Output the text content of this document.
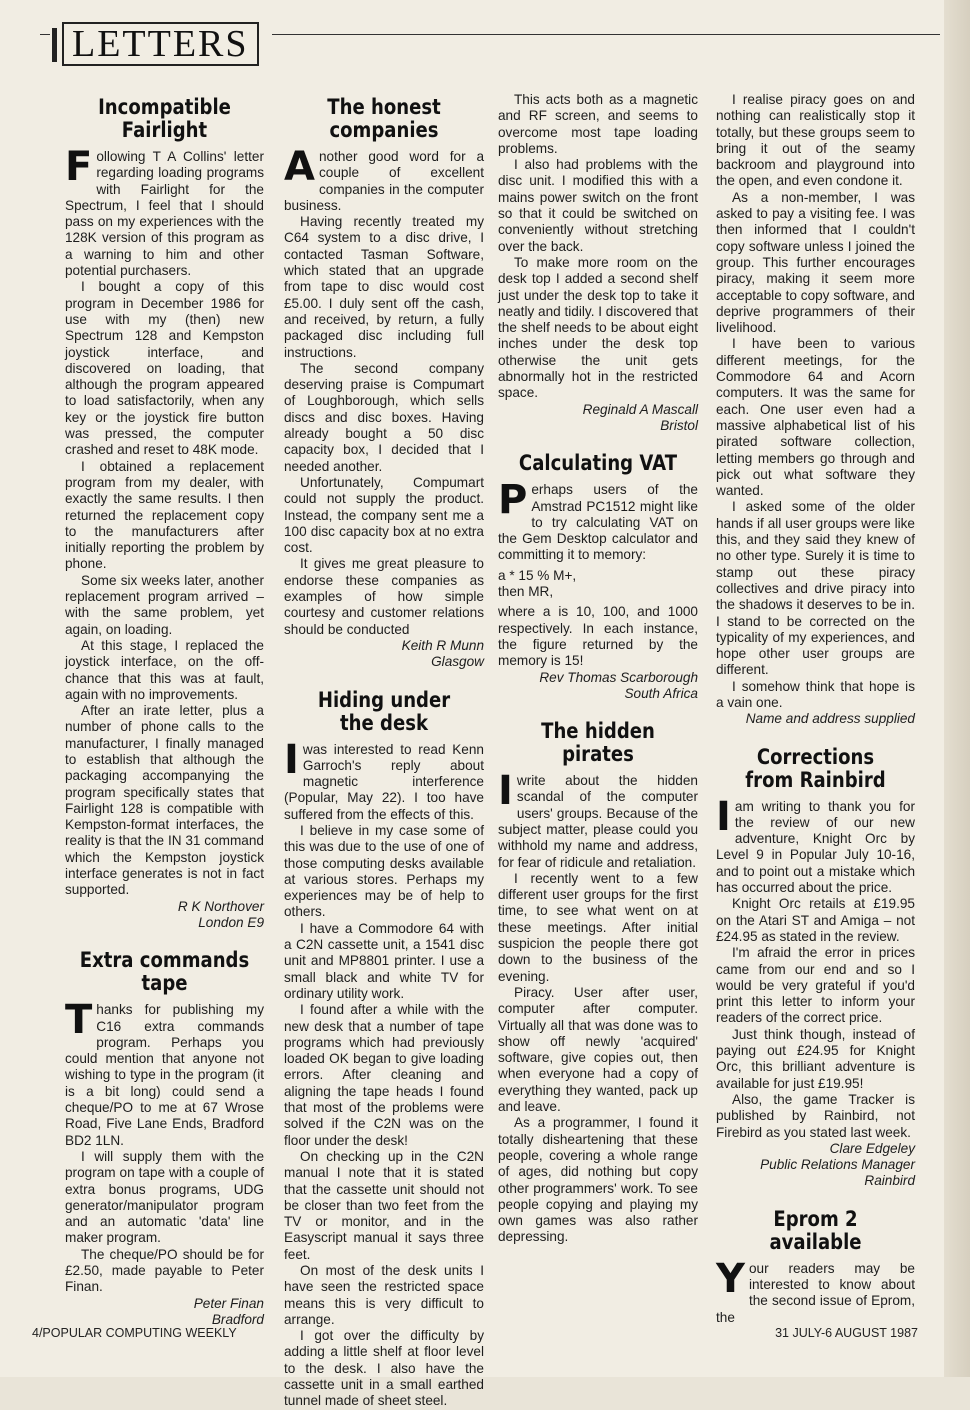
LETTERS
Incompatible Fairlight

Following T A Collins' letter regarding loading programs with Fairlight for the Spectrum, I feel that I should pass on my experiences with the 128K version of this program as a warning to him and other potential purchasers.

I bought a copy of this program in December 1986 for use with my (then) new Spectrum 128 and Kempston joystick interface, and discovered on loading, that although the program appeared to load satisfactorily, when any key or the joystick fire button was pressed, the computer crashed and reset to 48K mode.

I obtained a replacement program from my dealer, with exactly the same results. I then returned the replacement copy to the manufacturers after initially reporting the problem by phone.

Some six weeks later, another replacement program arrived – with the same problem, yet again, on loading.

At this stage, I replaced the joystick interface, on the off-chance that this was at fault, again with no improvements.

After an irate letter, plus a number of phone calls to the manufacturer, I finally managed to establish that although the packaging accompanying the program specifically states that Fairlight 128 is compatible with Kempston-format interfaces, the reality is that the IN 31 command which the Kempston joystick interface generates is not in fact supported.

R K Northover

London E9

Extra commands tape

Thanks for publishing my C16 extra commands program. Perhaps you could mention that anyone not wishing to type in the program (it is a bit long) could send a cheque/PO to me at 67 Wrose Road, Five Lane Ends, Bradford BD2 1LN.

I will supply them with the program on tape with a couple of extra bonus programs, UDG generator/manipulator program and an automatic 'data' line maker program.

The cheque/PO should be for £2.50, made payable to Peter Finan.

Peter Finan

Bradford

The honest companies

Another good word for a couple of excellent companies in the computer business.

Having recently treated my C64 system to a disc drive, I contacted Tasman Software, which stated that an upgrade from tape to disc would cost £5.00. I duly sent off the cash, and received, by return, a fully packaged disc including full instructions.

The second company deserving praise is Compumart of Loughborough, which sells discs and disc boxes. Having already bought a 50 disc capacity box, I decided that I needed another.

Unfortunately, Compumart could not supply the product. Instead, the company sent me a 100 disc capacity box at no extra cost.

It gives me great pleasure to endorse these companies as examples of how simple courtesy and customer relations should be conducted

Keith R Munn

Glasgow

Hiding under the desk

Iwas interested to read Kenn Garroch's reply about magnetic interference (Popular, May 22). I too have suffered from the effects of this.

I believe in my case some of this was due to the use of one of those computing desks available at various stores. Perhaps my experiences may be of help to others.

I have a Commodore 64 with a C2N cassette unit, a 1541 disc unit and MP8801 printer. I use a small black and white TV for ordinary utility work.

I found after a while with the new desk that a number of tape programs which had previously loaded OK began to give loading errors. After cleaning and aligning the tape heads I found that most of the problems were solved if the C2N was on the floor under the desk!

On checking up in the C2N manual I note that it is stated that the cassette unit should not be closer than two feet from the TV or monitor, and in the Easyscript manual it says three feet.

On most of the desk units I have seen the restricted space means this is very difficult to arrange.

I got over the difficulty by adding a little shelf at floor level to the desk. I also have the cassette unit in a small earthed tunnel made of sheet steel.

This acts both as a magnetic and RF screen, and seems to overcome most tape loading problems.

I also had problems with the disc unit. I modified this with a mains power switch on the front so that it could be switched on conveniently without stretching over the back.

To make more room on the desk top I added a second shelf just under the desk top to take it neatly and tidily. I discovered that the shelf needs to be about eight inches under the desk top otherwise the unit gets abnormally hot in the restricted space.

Reginald A Mascall

Bristol

Calculating VAT

Perhaps users of the Amstrad PC1512 might like to try calculating VAT on the Gem Desktop calculator and committing it to memory:

a * 15 % M+,

then MR,

where a is 10, 100, and 1000 respectively. In each instance, the figure returned by the memory is 15!

Rev Thomas Scarborough

South Africa

The hidden pirates

Iwrite about the hidden scandal of the computer users' groups. Because of the subject matter, please could you withhold my name and address, for fear of ridicule and retaliation.

I recently went to a few different user groups for the first time, to see what went on at these meetings. After initial suspicion the people there got down to the business of the evening.

Piracy. User after user, computer after computer. Virtually all that was done was to show off newly 'acquired' software, give copies out, then when everyone had a copy of everything they wanted, pack up and leave.

As a programmer, I found it totally disheartening that these people, covering a whole range of ages, did nothing but copy other programmers' work. To see people copying and playing my own games was also rather depressing.

I realise piracy goes on and nothing can realistically stop it totally, but these groups seem to bring it out of the seamy backroom and playground into the open, and even condone it.

As a non-member, I was asked to pay a visiting fee. I was then informed that I couldn't copy software unless I joined the group. This further encourages piracy, making it seem more acceptable to copy software, and deprive programmers of their livelihood.

I have been to various different meetings, for the Commodore 64 and Acorn computers. It was the same for each. One user even had a massive alphabetical list of his pirated software collection, letting members go through and pick out what software they wanted.

I asked some of the older hands if all user groups were like this, and they said they knew of no other type. Surely it is time to stamp out these piracy collectives and drive piracy into the shadows it deserves to be in. I stand to be corrected on the typicality of my experiences, and hope other user groups are different.

I somehow think that hope is a vain one.

Name and address supplied

Corrections from Rainbird

Iam writing to thank you for the review of our new adventure, Knight Orc by Level 9 in Popular July 10-16, and to point out a mistake which has occurred about the price.

Knight Orc retails at £19.95 on the Atari ST and Amiga – not £24.95 as stated in the review.

I'm afraid the error in prices came from our end and so I would be very grateful if you'd print this letter to inform your readers of the correct price.

Just think though, instead of paying out £24.95 for Knight Orc, this brilliant adventure is available for just £19.95!

Also, the game Tracker is published by Rainbird, not Firebird as you stated last week.

Clare Edgeley

Public Relations Manager

Rainbird

Eprom 2 available

Your readers may be interested to know about the second issue of Eprom, the

4/POPULAR COMPUTING WEEKLY	31 JULY-6 AUGUST 1987
